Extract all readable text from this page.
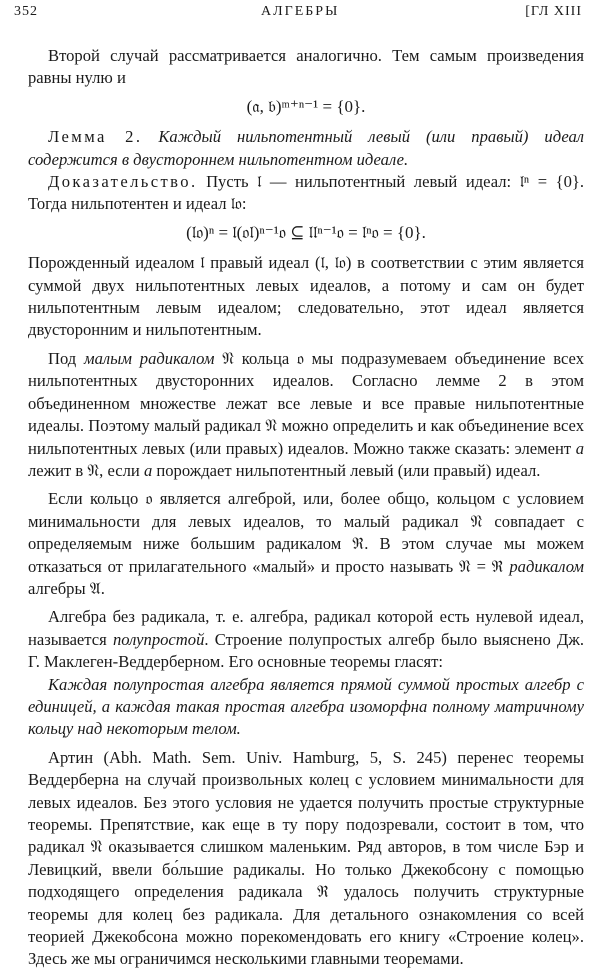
352	АЛГЕБРЫ	[ГЛ XIII

Второй случай рассматривается аналогично. Тем самым произведения равны нулю и

(𝔞, 𝔟)ᵐ⁺ⁿ⁻¹ = {0}.

Лемма 2. Каждый нильпотентный левый (или правый) идеал содержится в двустороннем нильпотентном идеале.

Доказательство. Пусть 𝔩 — нильпотентный левый идеал: 𝔩ⁿ = {0}. Тогда нильпотентен и идеал 𝔩𝔬:

(𝔩𝔬)ⁿ = 𝔩(𝔬𝔩)ⁿ⁻¹𝔬 ⊆ 𝔩𝔩ⁿ⁻¹𝔬 = 𝔩ⁿ𝔬 = {0}.

Порожденный идеалом 𝔩 правый идеал (𝔩, 𝔩𝔬) в соответствии с этим является суммой двух нильпотентных левых идеалов, а потому и сам он будет нильпотентным левым идеалом; следовательно, этот идеал является двусторонним и нильпотентным.

Под малым радикалом 𝔑 кольца 𝔬 мы подразумеваем объединение всех нильпотентных двусторонних идеалов. Согласно лемме 2 в этом объединенном множестве лежат все левые и все правые нильпотентные идеалы. Поэтому малый радикал 𝔑 можно определить и как объединение всех нильпотентных левых (или правых) идеалов. Можно также сказать: элемент a лежит в 𝔑, если a порождает нильпотентный левый (или правый) идеал.

Если кольцо 𝔬 является алгеброй, или, более общо, кольцом с условием минимальности для левых идеалов, то малый радикал 𝔑 совпадает с определяемым ниже большим радикалом ℜ. В этом случае мы можем отказаться от прилагательного «малый» и просто называть 𝔑 = ℜ радикалом алгебры 𝔄.

Алгебра без радикала, т. е. алгебра, радикал которой есть нулевой идеал, называется полупростой. Строение полупростых алгебр было выяснено Дж. Г. Маклеген-Веддерберном. Его основные теоремы гласят:

Каждая полупростая алгебра является прямой суммой простых алгебр с единицей, а каждая такая простая алгебра изоморфна полному матричному кольцу над некоторым телом.

Артин (Abh. Math. Sem. Univ. Hamburg, 5, S. 245) перенес теоремы Веддерберна на случай произвольных колец с условием минимальности для левых идеалов. Без этого условия не удается получить простые структурные теоремы. Препятствие, как еще в ту пору подозревали, состоит в том, что радикал 𝔑 оказывается слишком маленьким. Ряд авторов, в том числе Бэр и Левицкий, ввели бо́льшие радикалы. Но только Джекобсону с помощью подходящего определения радикала ℜ удалось получить структурные теоремы для колец без радикала. Для детального ознакомления со всей теорией Джекобсона можно порекомендовать его книгу «Строение колец». Здесь же мы ограничимся несколькими главными теоремами.
